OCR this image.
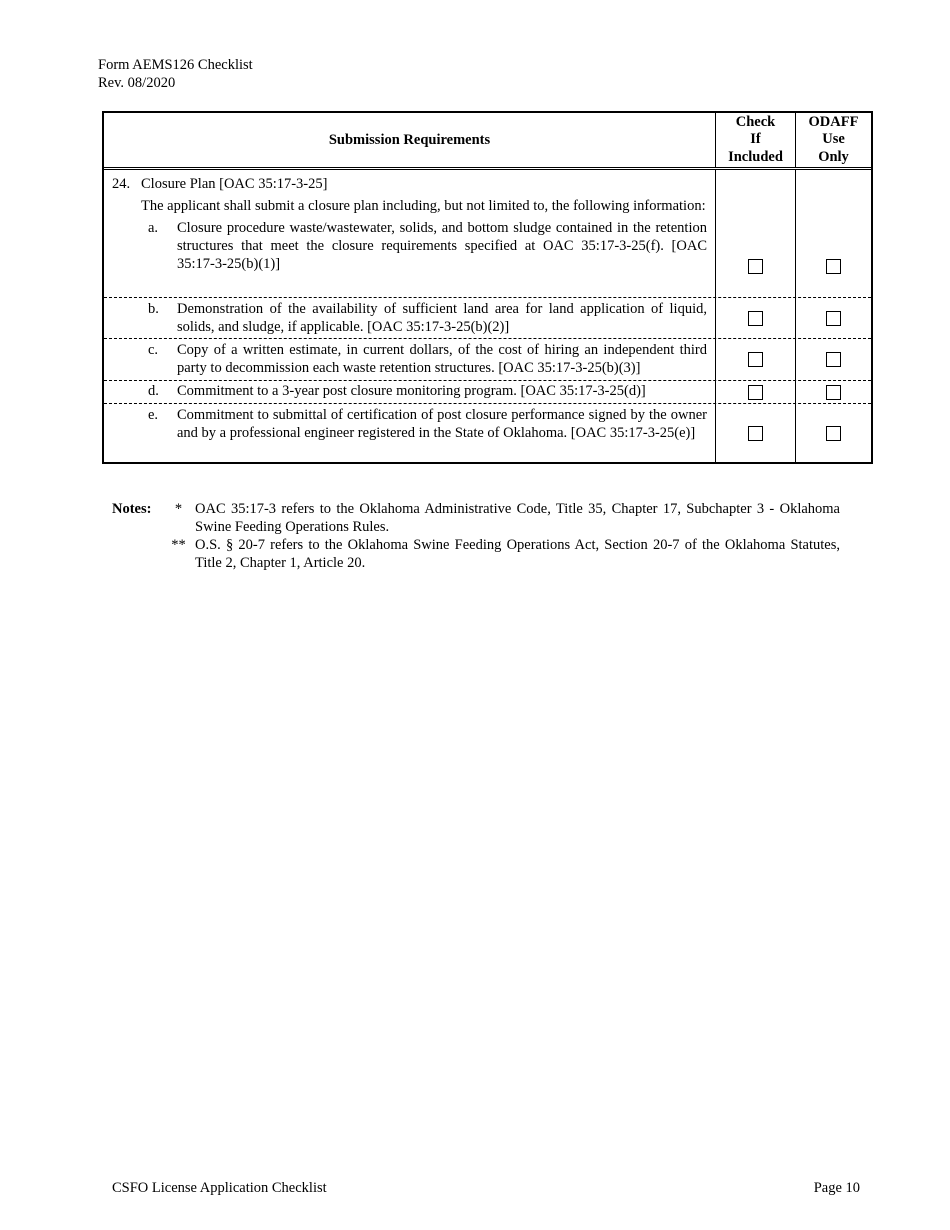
Form AEMS126 Checklist
Rev. 08/2020
Submission Requirements
Check
If
Included
ODAFF
Use
Only
24. Closure Plan [OAC 35:17-3-25]
The applicant shall submit a closure plan including, but not limited to, the following information:
a.	Closure procedure waste/wastewater, solids, and bottom sludge contained in the retention structures that meet the closure requirements specified at OAC 35:17-3-25(f). [OAC 35:17-3-25(b)(1)]
b.	Demonstration of the availability of sufficient land area for land application of liquid, solids, and sludge, if applicable. [OAC 35:17-3-25(b)(2)]
c.	Copy of a written estimate, in current dollars, of the cost of hiring an independent third party to decommission each waste retention structures. [OAC 35:17-3-25(b)(3)]
d.	Commitment to a 3-year post closure monitoring program. [OAC 35:17-3-25(d)]
e.	Commitment to submittal of certification of post closure performance signed by the owner and by a professional engineer registered in the State of Oklahoma. [OAC 35:17-3-25(e)]
Notes:	* OAC 35:17-3 refers to the Oklahoma Administrative Code, Title 35, Chapter 17, Subchapter 3 - Oklahoma Swine Feeding Operations Rules.
** O.S. § 20-7 refers to the Oklahoma Swine Feeding Operations Act, Section 20-7 of the Oklahoma Statutes, Title 2, Chapter 1, Article 20.
CSFO License Application Checklist	Page 10
